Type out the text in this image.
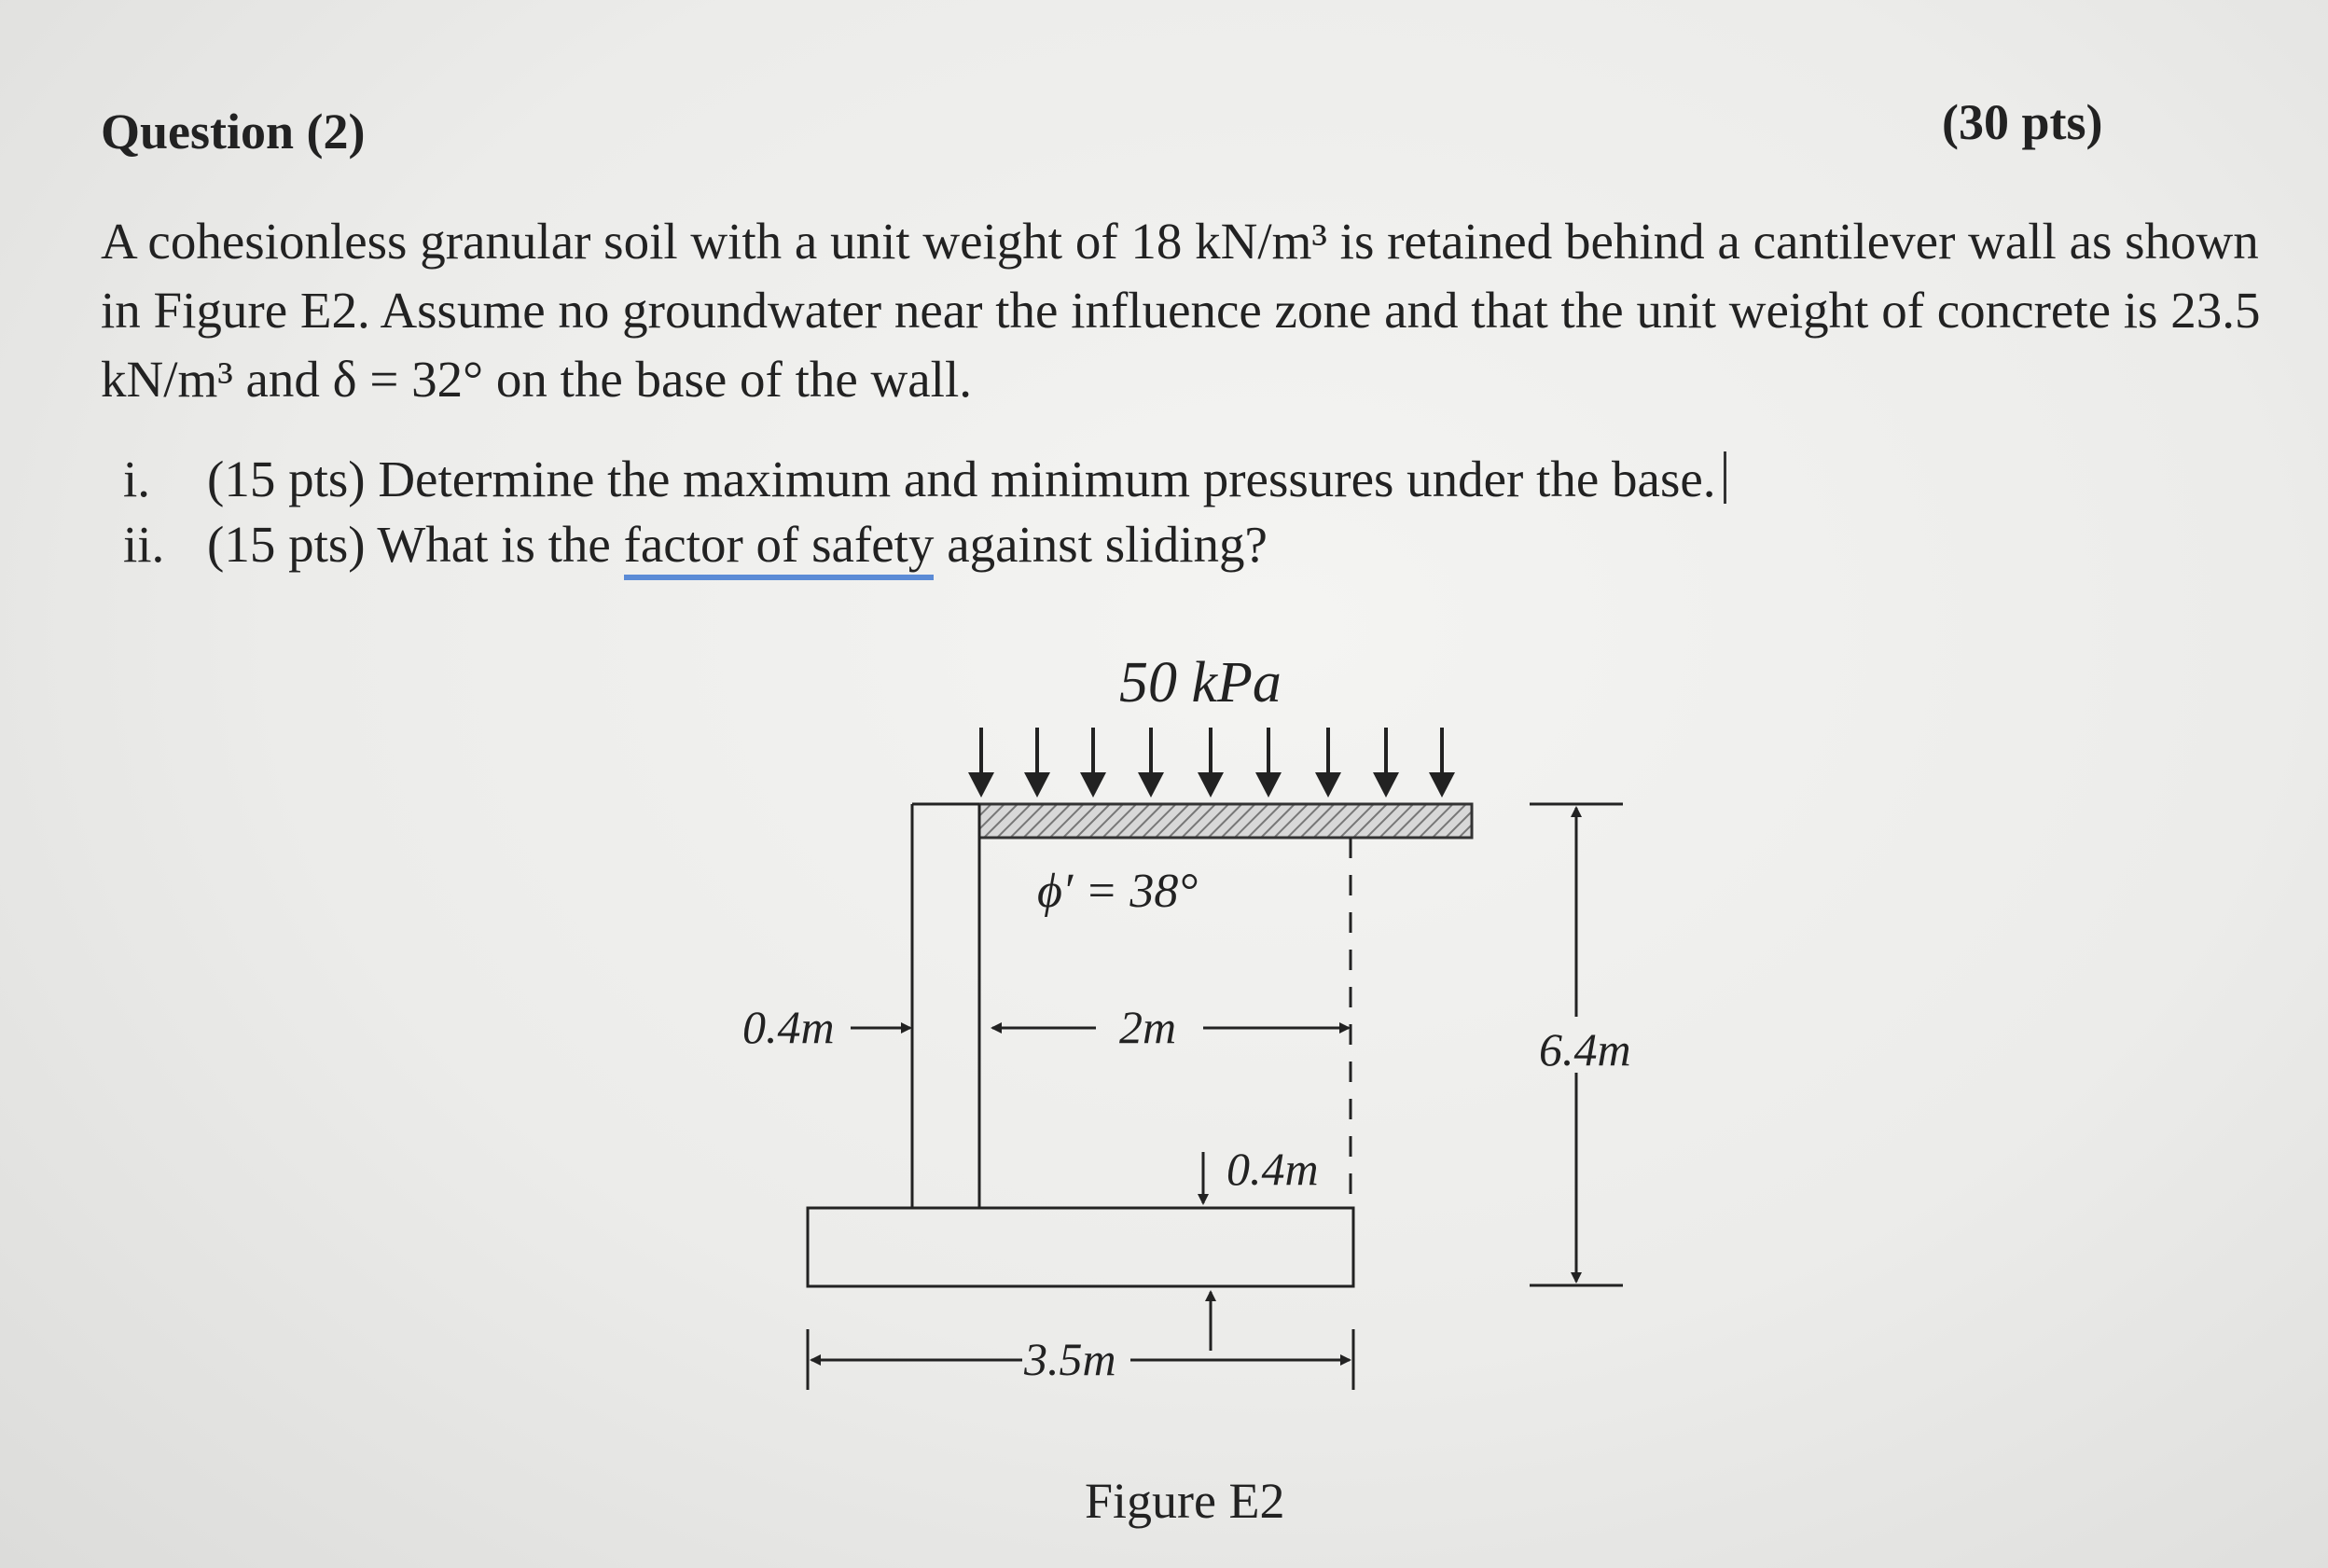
Question (2)	(30 pts)
A cohesionless granular soil with a unit weight of 18 kN/m³ is retained behind a cantilever wall as shown in Figure E2. Assume no groundwater near the influence zone and that the unit weight of concrete is 23.5 kN/m³ and δ = 32° on the base of the wall.
i. (15 pts) Determine the maximum and minimum pressures under the base.
ii. (15 pts) What is the factor of safety against sliding?
50 kPa
ϕ′ = 38°
0.4m	2m
0.4m
6.4m
3.5m
Figure E2
